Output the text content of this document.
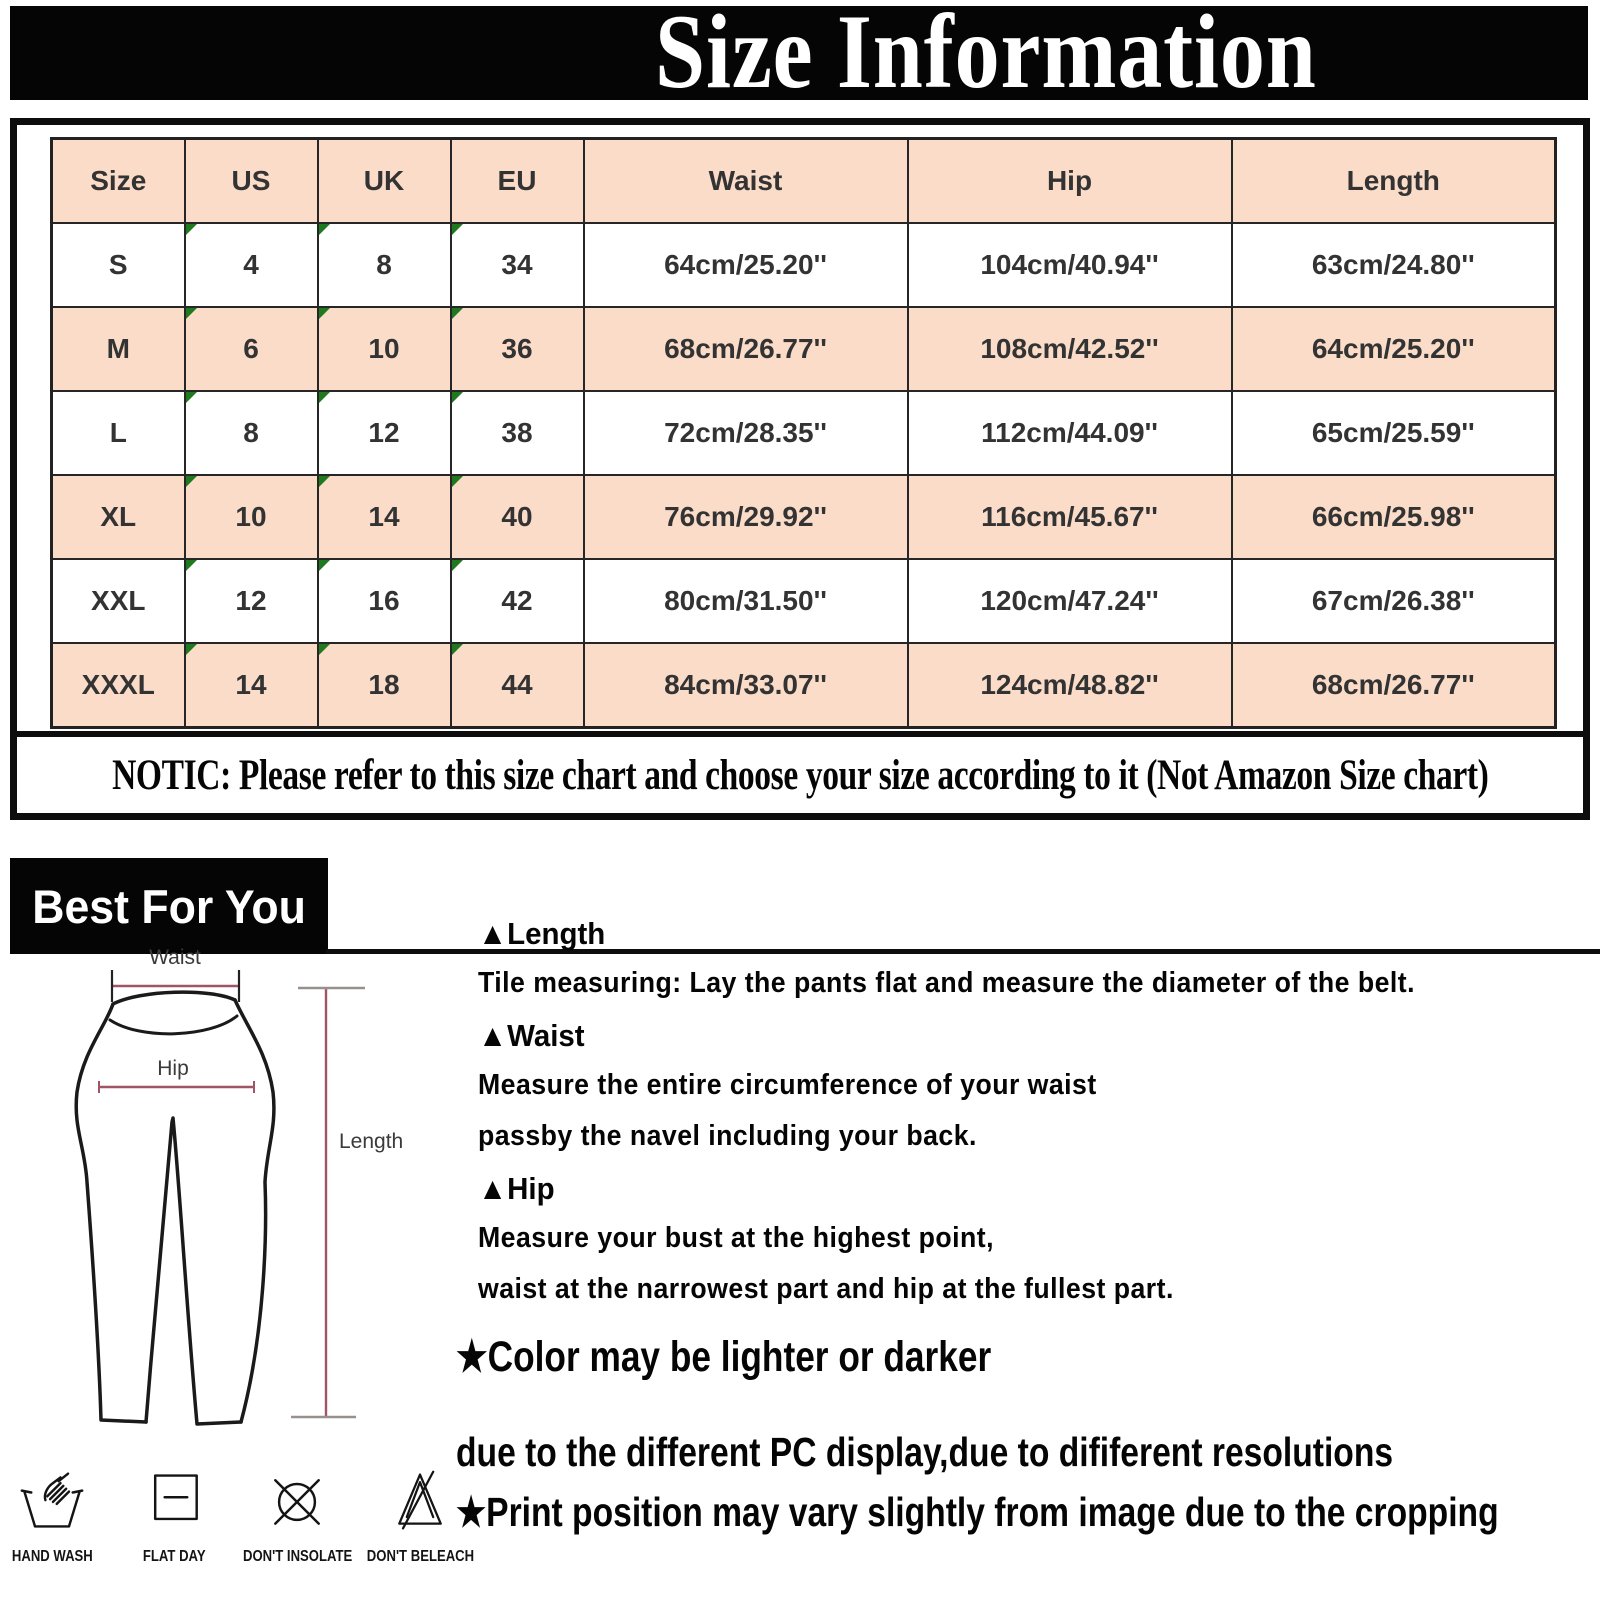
Size Information
Size	US	UK	EU	Waist	Hip	Length
S	4	8	34	64cm/25.20''	104cm/40.94''	63cm/24.80''
M	6	10	36	68cm/26.77''	108cm/42.52''	64cm/25.20''
L	8	12	38	72cm/28.35''	112cm/44.09''	65cm/25.59''
XL	10	14	40	76cm/29.92''	116cm/45.67''	66cm/25.98''
XXL	12	16	42	80cm/31.50''	120cm/47.24''	67cm/26.38''
XXXL	14	18	44	84cm/33.07''	124cm/48.82''	68cm/26.77''
NOTIC: Please refer to this size chart and choose your size according to it (Not Amazon Size chart)
Best For You
Waist
Hip
Length
▲Length
Tile measuring: Lay the pants flat and measure the diameter of the belt.
▲Waist
Measure the entire circumference of your waist
passby the navel including your back.
▲Hip
Measure your bust at the highest point,
waist at the narrowest part and hip at the fullest part.
★Color may be lighter or darker
due to the different PC display,due to dififerent resolutions
★Print position may vary slightly from image due to the cropping
HAND WASH	FLAT DAY DON'T INSOLATE DON'T BELEACH
